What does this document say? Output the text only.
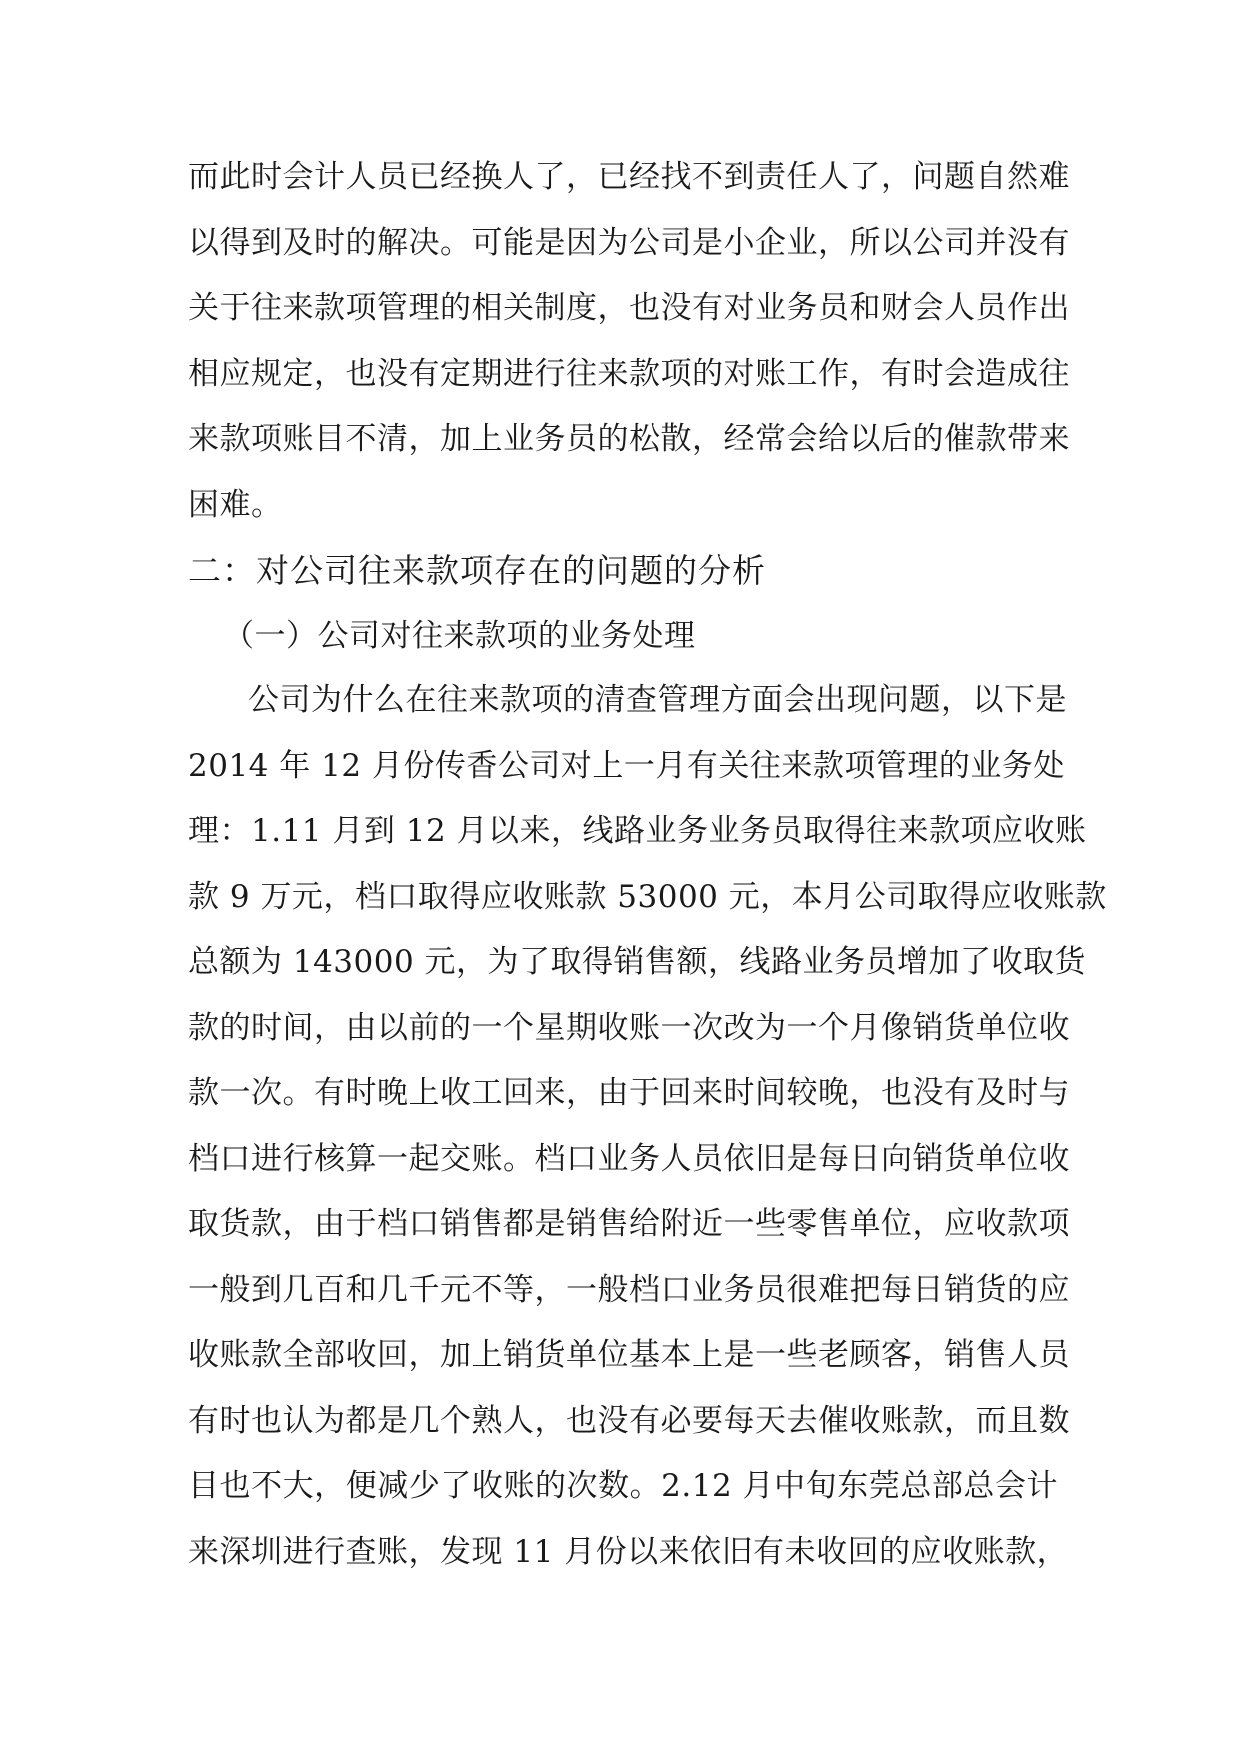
而此时会计人员已经换人了，已经找不到责任人了，问题自然难
以得到及时的解决。可能是因为公司是小企业，所以公司并没有
关于往来款项管理的相关制度，也没有对业务员和财会人员作出
相应规定，也没有定期进行往来款项的对账工作，有时会造成往
来款项账目不清，加上业务员的松散，经常会给以后的催款带来
困难。
二：对公司往来款项存在的问题的分析
（一）公司对往来款项的业务处理
公司为什么在往来款项的清查管理方面会出现问题，以下是
2014 年 12 月份传香公司对上一月有关往来款项管理的业务处
理：1.11 月到 12 月以来，线路业务业务员取得往来款项应收账
款 9 万元，档口取得应收账款 53000 元，本月公司取得应收账款
总额为 143000 元，为了取得销售额，线路业务员增加了收取货
款的时间，由以前的一个星期收账一次改为一个月像销货单位收
款一次。有时晚上收工回来，由于回来时间较晚，也没有及时与
档口进行核算一起交账。档口业务人员依旧是每日向销货单位收
取货款，由于档口销售都是销售给附近一些零售单位，应收款项
一般到几百和几千元不等，一般档口业务员很难把每日销货的应
收账款全部收回，加上销货单位基本上是一些老顾客，销售人员
有时也认为都是几个熟人，也没有必要每天去催收账款，而且数
目也不大，便减少了收账的次数。2.12 月中旬东莞总部总会计
来深圳进行查账，发现 11 月份以来依旧有未收回的应收账款，
